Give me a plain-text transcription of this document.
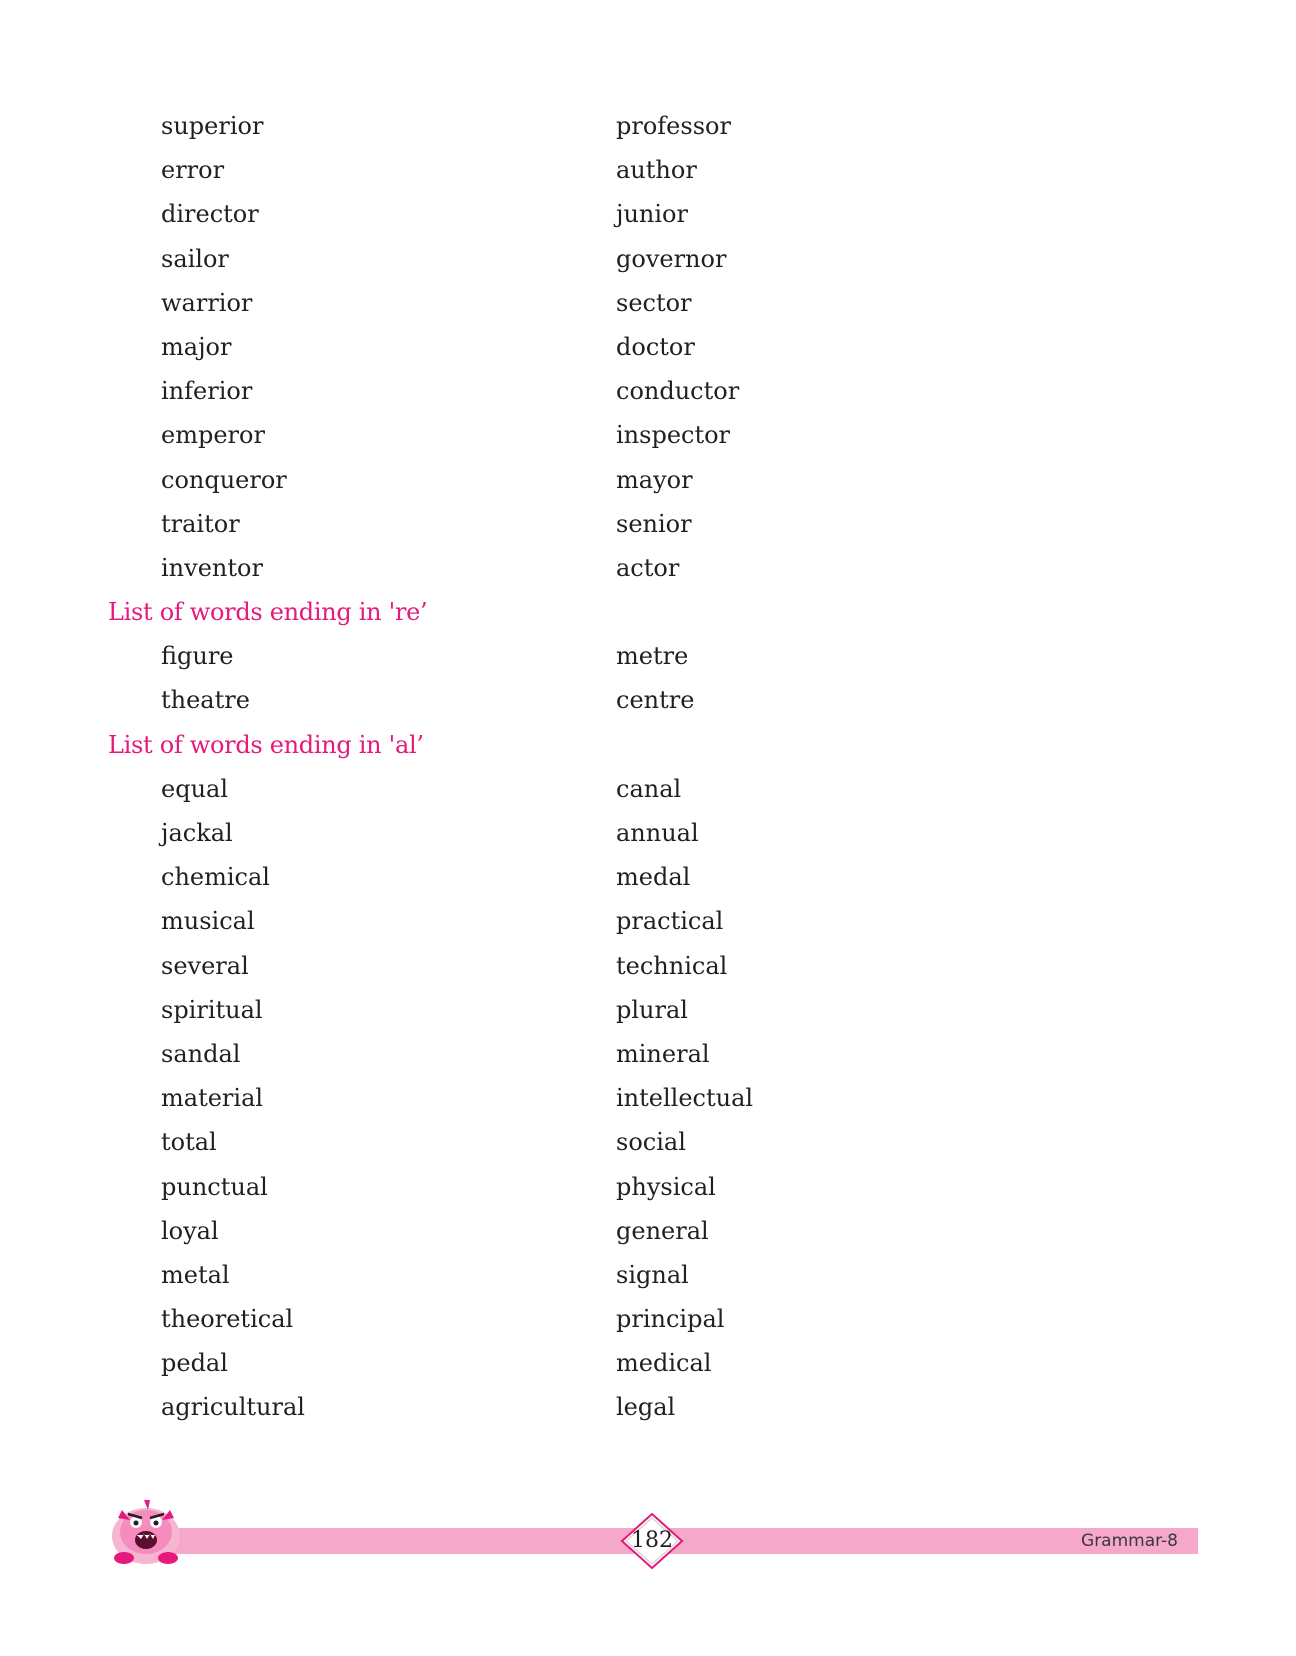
superior	professor
error	author
director	junior
sailor	governor
warrior	sector
major	doctor
inferior	conductor
emperor	inspector
conqueror	mayor
traitor	senior
inventor	actor
List of words ending in 're’
figure	metre
theatre	centre
List of words ending in 'al’
equal	canal
jackal	annual
chemical	medal
musical	practical
several	technical
spiritual	plural
sandal	mineral
material	intellectual
total	social
punctual	physical
loyal	general
metal	signal
theoretical	principal
pedal	medical
agricultural	legal
182	Grammar-8
